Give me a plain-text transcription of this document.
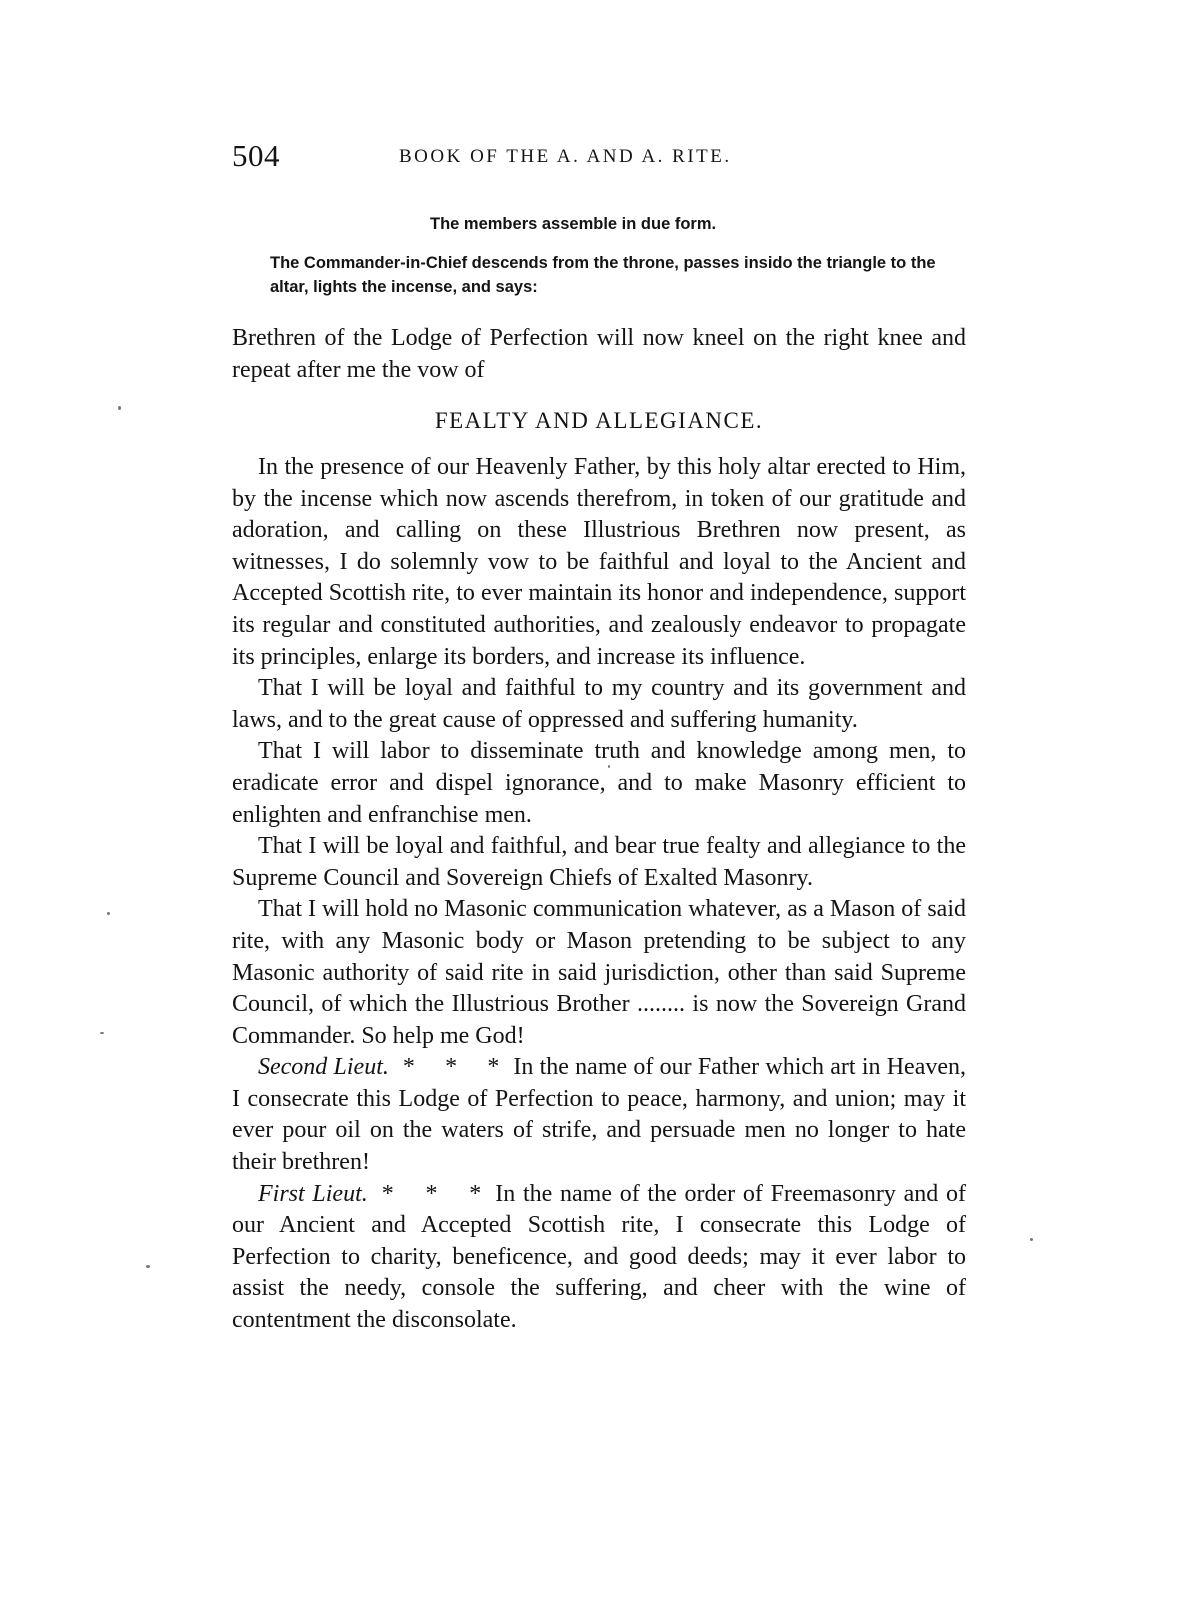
504	BOOK OF THE A. AND A. RITE.
The members assemble in due form.
The Commander-in-Chief descends from the throne, passes insido the triangle to the altar, lights the incense, and says:

Brethren of the Lodge of Perfection will now kneel on the right knee and repeat after me the vow of

FEALTY AND ALLEGIANCE.

In the presence of our Heavenly Father, by this holy altar erected to Him, by the incense which now ascends therefrom, in token of our gratitude and adoration, and calling on these Illustrious Brethren now present, as witnesses, I do solemnly vow to be faithful and loyal to the Ancient and Accepted Scottish rite, to ever maintain its honor and independence, support its regular and constituted authorities, and zealously endeavor to propagate its principles, enlarge its borders, and increase its influence.

That I will be loyal and faithful to my country and its government and laws, and to the great cause of oppressed and suffering humanity.

That I will labor to disseminate truth and knowledge among men, to eradicate error and dispel ignorance, and to make Masonry efficient to enlighten and enfranchise men.

That I will be loyal and faithful, and bear true fealty and allegiance to the Supreme Council and Sovereign Chiefs of Exalted Masonry.

That I will hold no Masonic communication whatever, as a Mason of said rite, with any Masonic body or Mason pretending to be subject to any Masonic authority of said rite in said jurisdiction, other than said Supreme Council, of which the Illustrious Brother ........ is now the Sovereign Grand Commander. So help me God!

Second Lieut. * * *In the name of our Father which art in Heaven, I consecrate this Lodge of Perfection to peace, harmony, and union; may it ever pour oil on the waters of strife, and persuade men no longer to hate their brethren!

First Lieut. * * *In the name of the order of Freemasonry and of our Ancient and Accepted Scottish rite, I consecrate this Lodge of Perfection to charity, beneficence, and good deeds; may it ever labor to assist the needy, console the suffering, and cheer with the wine of contentment the disconsolate.
